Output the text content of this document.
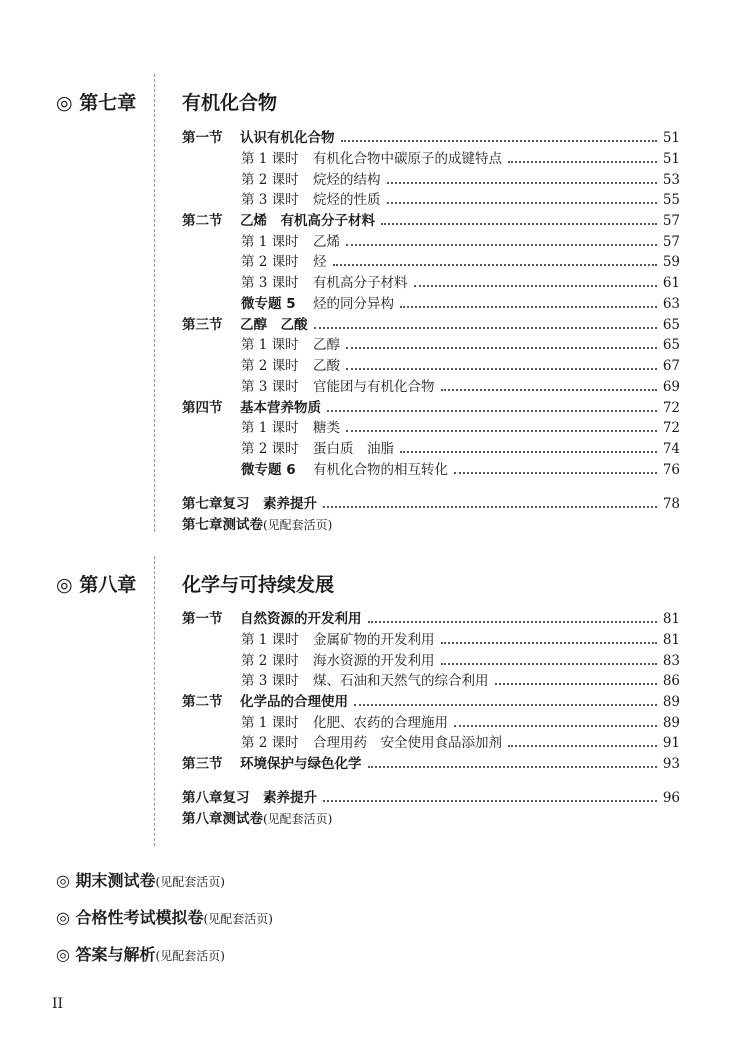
◎ 第七章 有机化合物
第一节	认识有机化合物	51
第 1 课时	有机化合物中碳原子的成键特点	51
第 2 课时	烷烃的结构	53
第 3 课时	烷烃的性质	55
第二节	乙烯　有机高分子材料	57
第 1 课时	乙烯	57
第 2 课时	烃	59
第 3 课时	有机高分子材料	61
微专题 5	烃的同分异构	63
第三节	乙醇　乙酸	65
第 1 课时	乙醇	65
第 2 课时	乙酸	67
第 3 课时	官能团与有机化合物	69
第四节	基本营养物质	72
第 1 课时	糖类	72
第 2 课时	蛋白质　油脂	74
微专题 6	有机化合物的相互转化	76
第七章复习　素养提升	78
第七章测试卷 (见配套活页)
◎ 第八章 化学与可持续发展
第一节	自然资源的开发利用	81
第 1 课时	金属矿物的开发利用	81
第 2 课时	海水资源的开发利用	83
第 3 课时	煤、石油和天然气的综合利用	86
第二节	化学品的合理使用	89
第 1 课时	化肥、农药的合理施用	89
第 2 课时	合理用药　安全使用食品添加剂	91
第三节	环境保护与绿色化学	93
第八章复习　素养提升	96
第八章测试卷 (见配套活页)
◎ 期末测试卷(见配套活页)
◎ 合格性考试模拟卷(见配套活页)
◎ 答案与解析(见配套活页)
II
